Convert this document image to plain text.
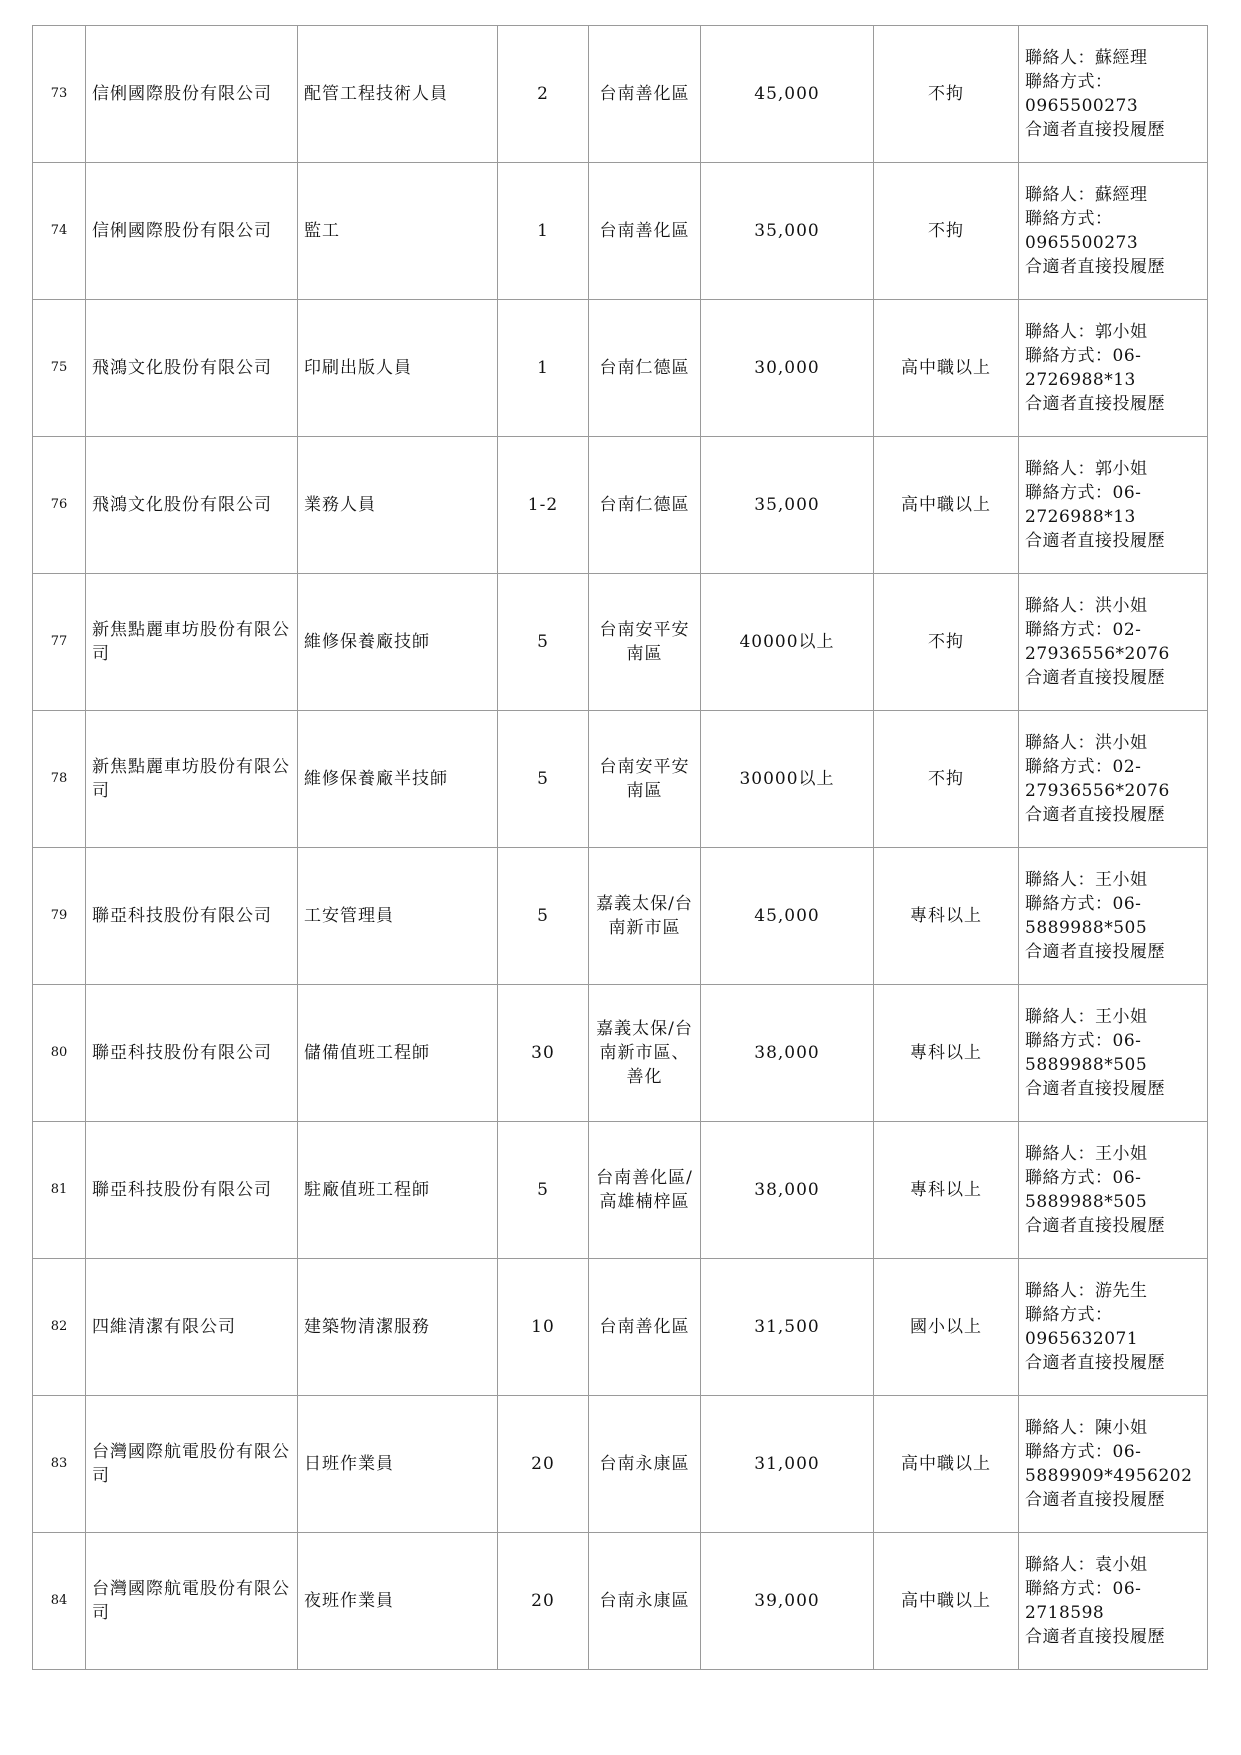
73	信俐國際股份有限公司	配管工程技術人員	2	台南善化區	45,000	不拘	聯絡人：蘇經理
聯絡方式：
0965500273
合適者直接投履歷

74	信俐國際股份有限公司	監工	1	台南善化區	35,000	不拘	聯絡人：蘇經理
聯絡方式：
0965500273
合適者直接投履歷

75	飛鴻文化股份有限公司	印刷出版人員	1	台南仁德區	30,000	高中職以上	聯絡人：郭小姐
聯絡方式：06-
2726988*13
合適者直接投履歷

76	飛鴻文化股份有限公司	業務人員	1-2	台南仁德區	35,000	高中職以上	聯絡人：郭小姐
聯絡方式：06-
2726988*13
合適者直接投履歷

77	新焦點麗車坊股份有限公司	維修保養廠技師	5	台南安平安南區	40000以上	不拘	聯絡人：洪小姐
聯絡方式：02-
27936556*2076
合適者直接投履歷

78	新焦點麗車坊股份有限公司	維修保養廠半技師	5	台南安平安南區	30000以上	不拘	聯絡人：洪小姐
聯絡方式：02-
27936556*2076
合適者直接投履歷

79	聯亞科技股份有限公司	工安管理員	5	嘉義太保/台南新市區	45,000	專科以上	聯絡人：王小姐
聯絡方式：06-
5889988*505
合適者直接投履歷

80	聯亞科技股份有限公司	儲備值班工程師	30	嘉義太保/台南新市區、善化	38,000	專科以上	聯絡人：王小姐
聯絡方式：06-
5889988*505
合適者直接投履歷

81	聯亞科技股份有限公司	駐廠值班工程師	5	台南善化區/高雄楠梓區	38,000	專科以上	聯絡人：王小姐
聯絡方式：06-
5889988*505
合適者直接投履歷

82	四維清潔有限公司	建築物清潔服務	10	台南善化區	31,500	國小以上	聯絡人：游先生
聯絡方式：
0965632071
合適者直接投履歷

83	台灣國際航電股份有限公司	日班作業員	20	台南永康區	31,000	高中職以上	聯絡人：陳小姐
聯絡方式：06-
5889909*4956202
合適者直接投履歷

84	台灣國際航電股份有限公司	夜班作業員	20	台南永康區	39,000	高中職以上	聯絡人：袁小姐
聯絡方式：06-
2718598
合適者直接投履歷
